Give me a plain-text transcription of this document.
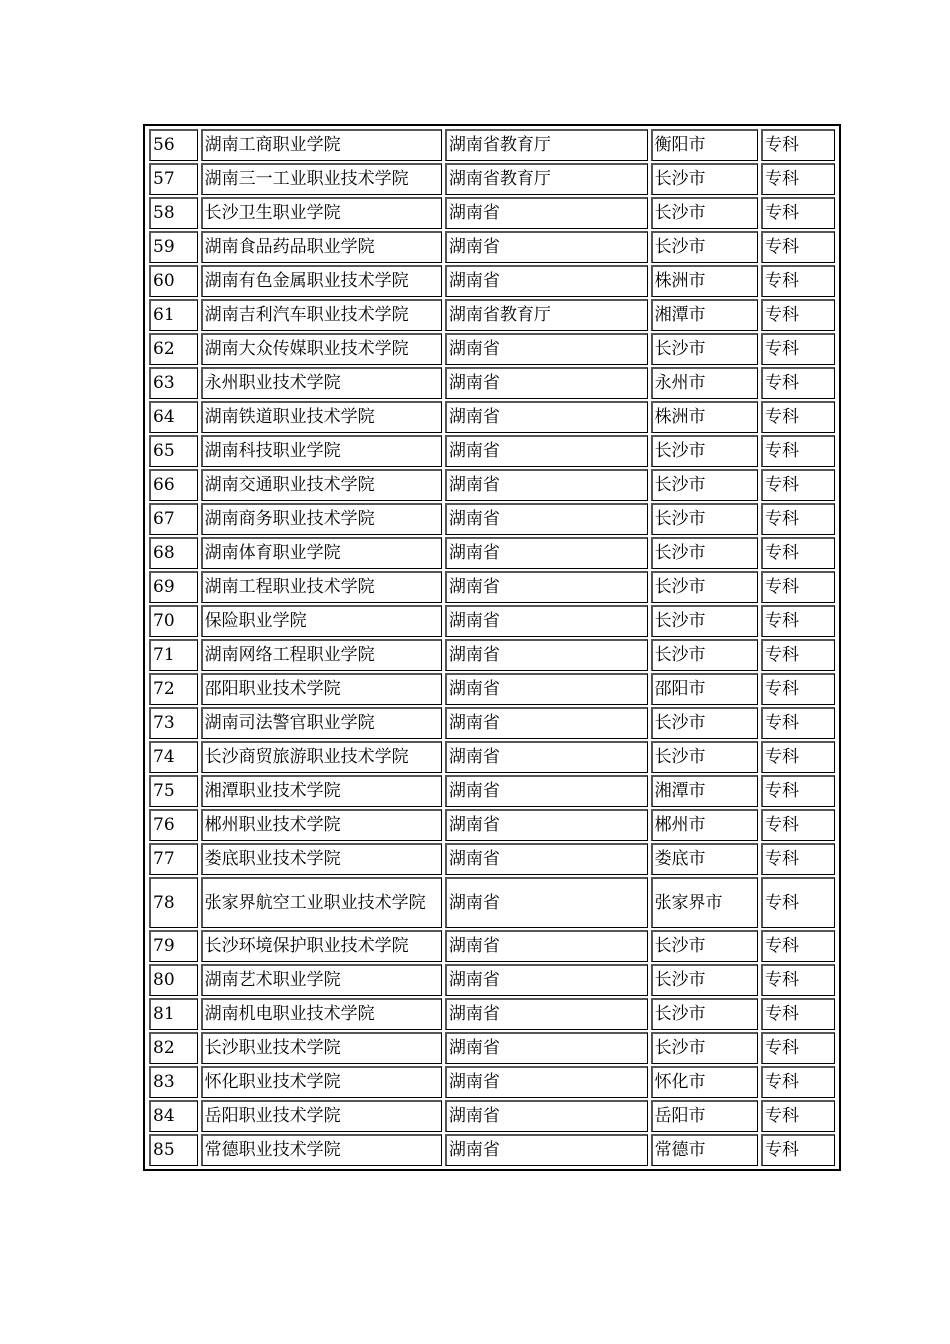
56	湖南工商职业学院	湖南省教育厅	衡阳市	专科
57	湖南三一工业职业技术学院	湖南省教育厅	长沙市	专科
58	长沙卫生职业学院	湖南省	长沙市	专科
59	湖南食品药品职业学院	湖南省	长沙市	专科
60	湖南有色金属职业技术学院	湖南省	株洲市	专科
61	湖南吉利汽车职业技术学院	湖南省教育厅	湘潭市	专科
62	湖南大众传媒职业技术学院	湖南省	长沙市	专科
63	永州职业技术学院	湖南省	永州市	专科
64	湖南铁道职业技术学院	湖南省	株洲市	专科
65	湖南科技职业学院	湖南省	长沙市	专科
66	湖南交通职业技术学院	湖南省	长沙市	专科
67	湖南商务职业技术学院	湖南省	长沙市	专科
68	湖南体育职业学院	湖南省	长沙市	专科
69	湖南工程职业技术学院	湖南省	长沙市	专科
70	保险职业学院	湖南省	长沙市	专科
71	湖南网络工程职业学院	湖南省	长沙市	专科
72	邵阳职业技术学院	湖南省	邵阳市	专科
73	湖南司法警官职业学院	湖南省	长沙市	专科
74	长沙商贸旅游职业技术学院	湖南省	长沙市	专科
75	湘潭职业技术学院	湖南省	湘潭市	专科
76	郴州职业技术学院	湖南省	郴州市	专科
77	娄底职业技术学院	湖南省	娄底市	专科
78	张家界航空工业职业技术学院	湖南省	张家界市	专科
79	长沙环境保护职业技术学院	湖南省	长沙市	专科
80	湖南艺术职业学院	湖南省	长沙市	专科
81	湖南机电职业技术学院	湖南省	长沙市	专科
82	长沙职业技术学院	湖南省	长沙市	专科
83	怀化职业技术学院	湖南省	怀化市	专科
84	岳阳职业技术学院	湖南省	岳阳市	专科
85	常德职业技术学院	湖南省	常德市	专科
